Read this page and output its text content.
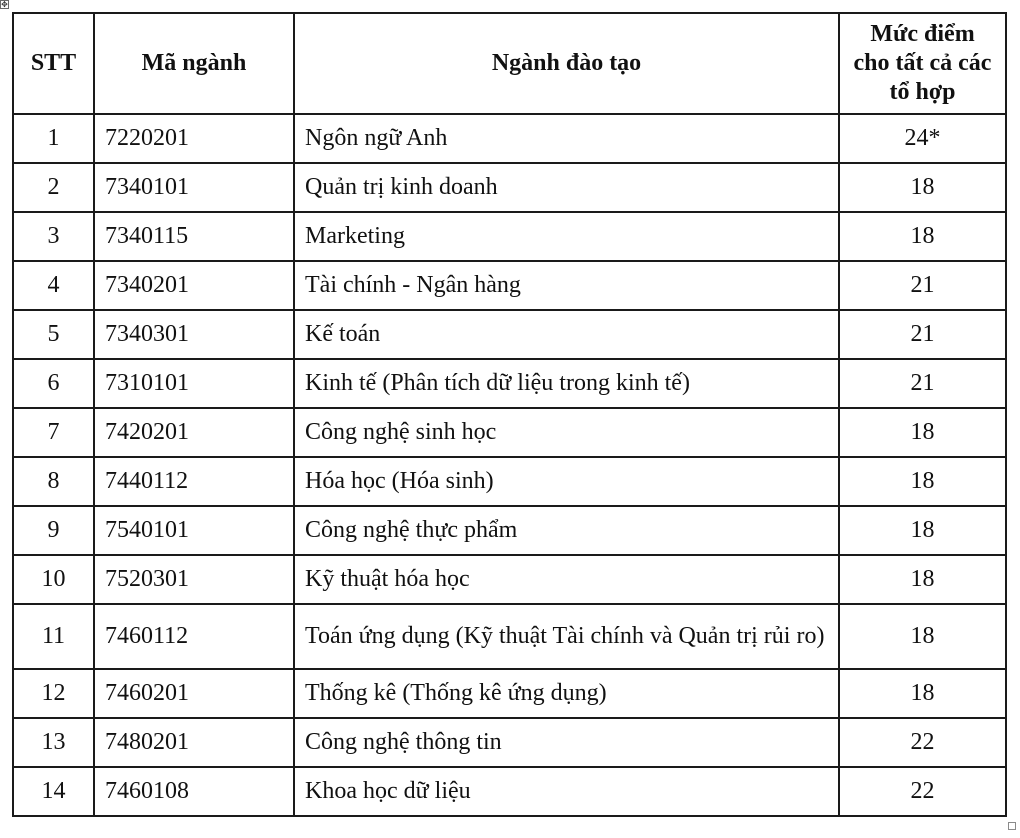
✥
STT	Mã ngành	Ngành đào tạo	Mức điểm cho tất cả các tổ hợp
1	7220201	Ngôn ngữ Anh	24*
2	7340101	Quản trị kinh doanh	18
3	7340115	Marketing	18
4	7340201	Tài chính - Ngân hàng	21
5	7340301	Kế toán	21
6	7310101	Kinh tế (Phân tích dữ liệu trong kinh tế)	21
7	7420201	Công nghệ sinh học	18
8	7440112	Hóa học (Hóa sinh)	18
9	7540101	Công nghệ thực phẩm	18
10	7520301	Kỹ thuật hóa học	18
11	7460112	Toán ứng dụng (Kỹ thuật Tài chính và Quản trị rủi ro)	18
12	7460201	Thống kê (Thống kê ứng dụng)	18
13	7480201	Công nghệ thông tin	22
14	7460108	Khoa học dữ liệu	22
